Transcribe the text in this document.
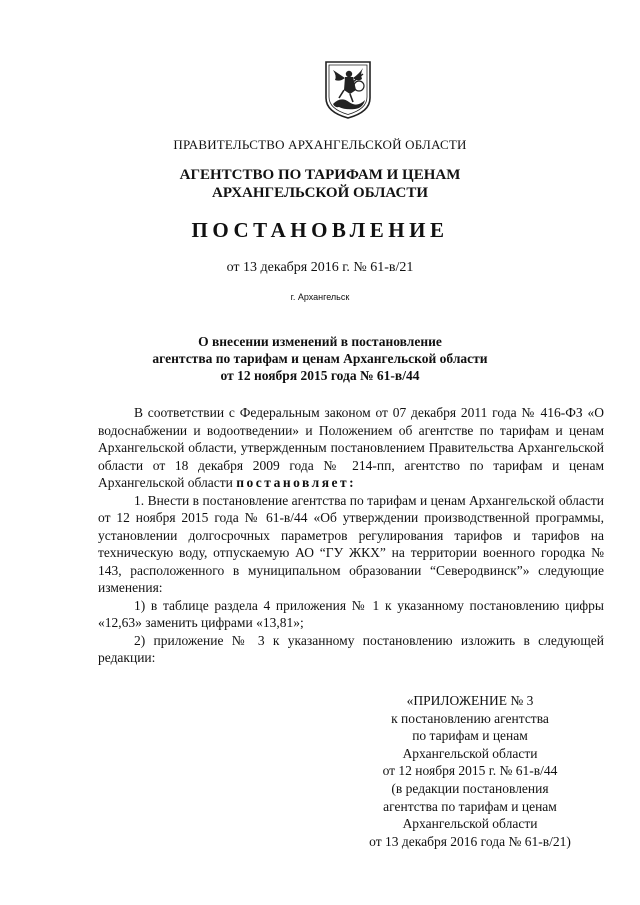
ПРАВИТЕЛЬСТВО АРХАНГЕЛЬСКОЙ ОБЛАСТИ
АГЕНТСТВО ПО ТАРИФАМ И ЦЕНАМ
АРХАНГЕЛЬСКОЙ ОБЛАСТИ
ПОСТАНОВЛЕНИЕ
от 13 декабря 2016 г. № 61-в/21
г. Архангельск
О внесении изменений в постановление
агентства по тарифам и ценам Архангельской области
от 12 ноября 2015 года № 61-в/44

В соответствии с Федеральным законом от 07 декабря 2011 года № 416-ФЗ «О водоснабжении и водоотведении» и Положением об агентстве по тарифам и ценам Архангельской области, утвержденным постановлением Правительства Архангельской области от 18 декабря 2009 года № 214-пп, агентство по тарифам и ценам Архангельской области постановляет:

1. Внести в постановление агентства по тарифам и ценам Архангельской области от 12 ноября 2015 года № 61-в/44 «Об утверждении производственной программы, установлении долгосрочных параметров регулирования тарифов и тарифов на техническую воду, отпускаемую АО “ГУ ЖКХ” на территории военного городка № 143, расположенного в муниципальном образовании “Северодвинск”» следующие изменения:

1) в таблице раздела 4 приложения № 1 к указанному постановлению цифры «12,63» заменить цифрами «13,81»;

2) приложение № 3 к указанному постановлению изложить в следующей редакции:

«ПРИЛОЖЕНИЕ № 3
к постановлению агентства
по тарифам и ценам
Архангельской области
от 12 ноября 2015 г. № 61-в/44
(в редакции постановления
агентства по тарифам и ценам
Архангельской области
от 13 декабря 2016 года № 61-в/21)
